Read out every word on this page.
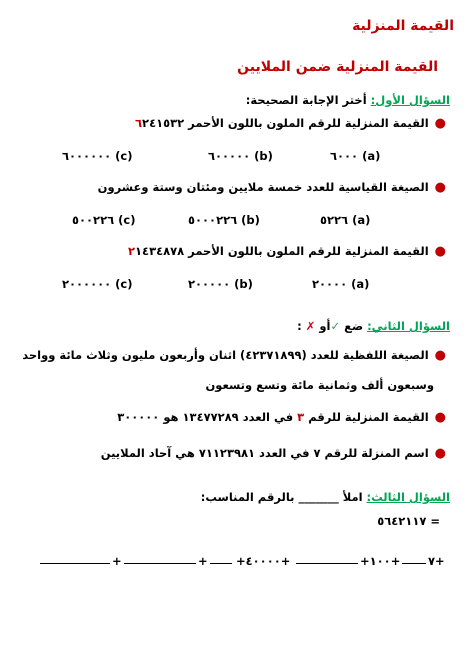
القيمة المنزلية
القيمة المنزلية ضمن الملايين
السؤال الأول: أختر الإجابة الصحيحة:
●القيمة المنزلية للرقم الملون باللون الأحمر ٦٢٤١٥٣٢
(a) ٦٠٠٠
(b) ٦٠٠٠٠٠
(c) ٦٠٠٠٠٠٠
●الصيغة القياسية للعدد خمسة ملايين ومئتان وستة وعشرون
(a) ٥٢٢٦
(b) ٥٠٠٠٢٢٦
(c) ٥٠٠٢٢٦
●القيمة المنزلية للرقم الملون باللون الأحمر ٢١٤٣٤٨٧٨
(a) ٢٠٠٠٠
(b) ٢٠٠٠٠٠
(c) ٢٠٠٠٠٠٠
السؤال الثاني: ضع ✓أو ✗ :
●الصيغة اللفظية للعدد (٤٢٣٧١٨٩٩) اثنان وأربعون مليون وثلاث مائة وواحد
وسبعون ألف وثمانية مائة وتسع وتسعون
●القيمة المنزلية للرقم ٣ في العدد ١٣٤٧٧٢٨٩ هو ٣٠٠٠٠٠
●اسم المنزلة للرقم ٧ في العدد ٧١١٢٣٩٨١ هي آحاد الملايين
السؤال الثالث: املأ _______ بالرقم المناسب:
= ٥٦٤٢١١٧
+	+ +٤٠٠٠٠+	+١٠٠+ ٧+
